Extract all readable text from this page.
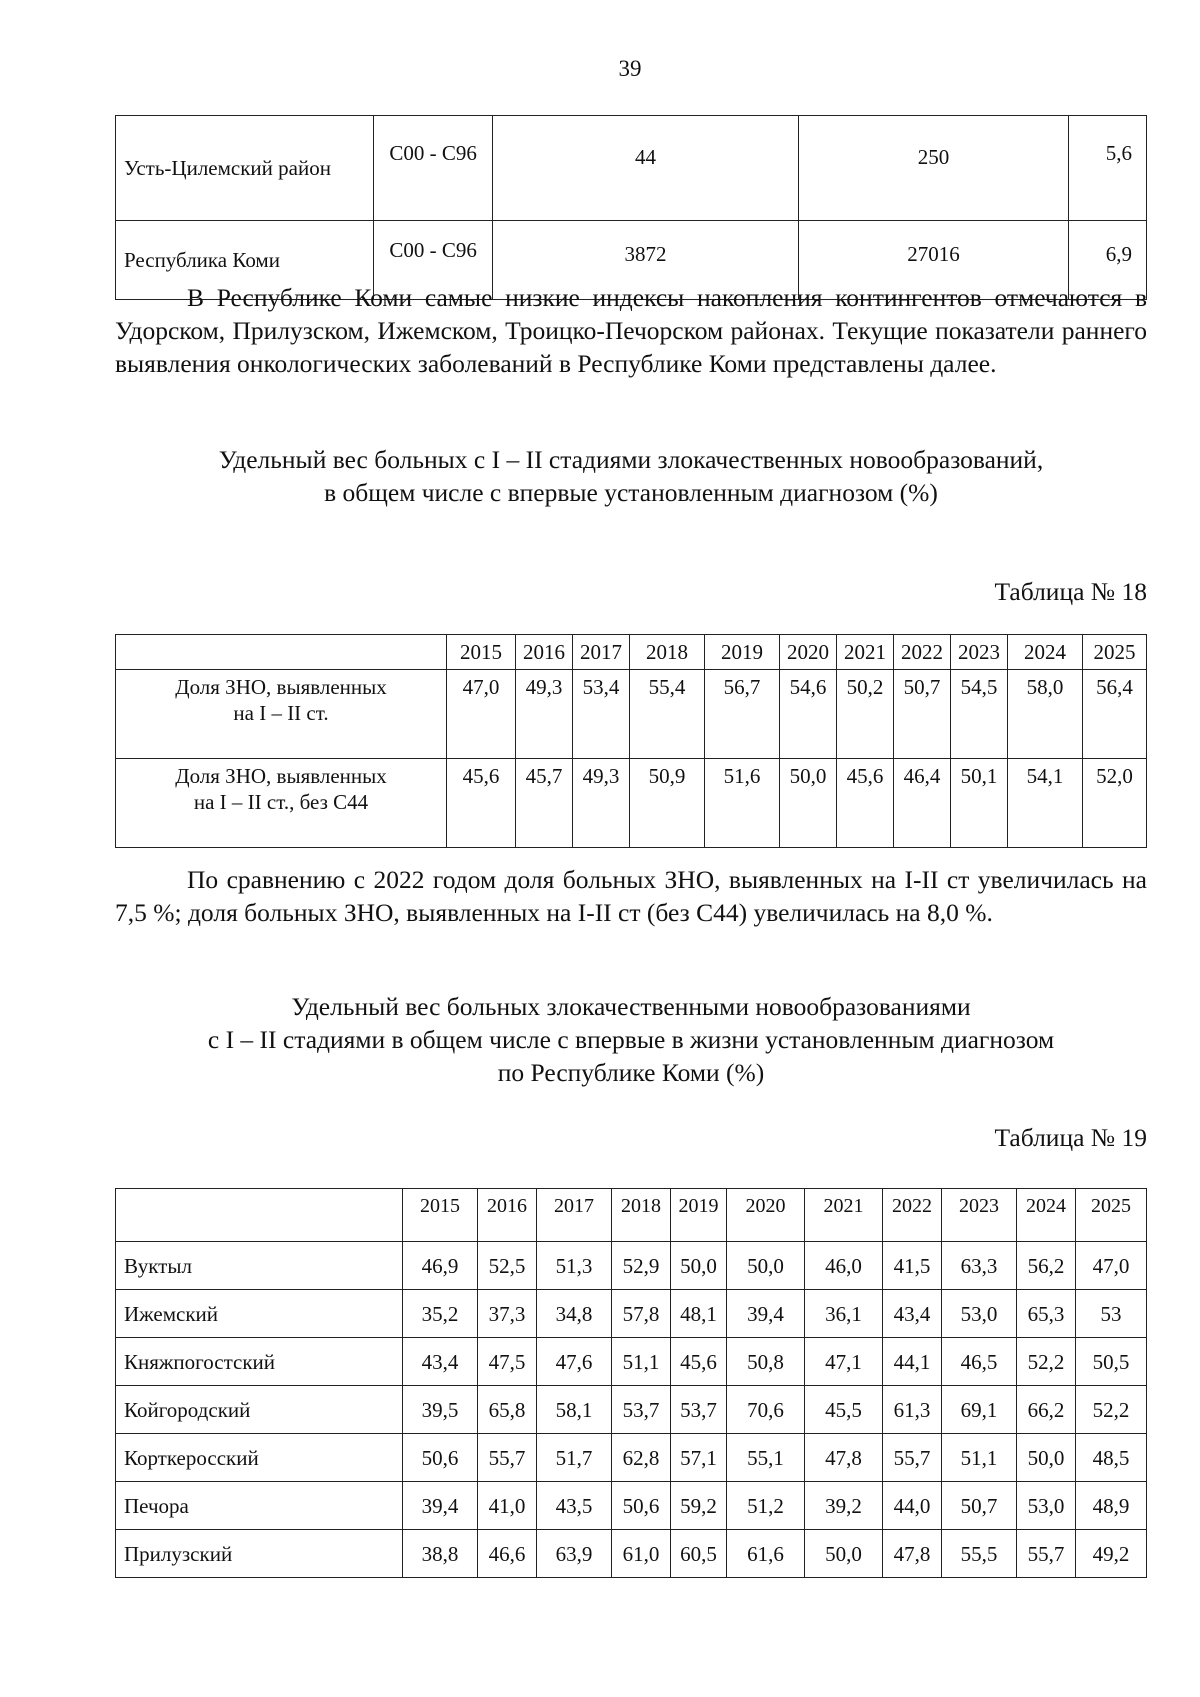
39
Усть-Цилемский район	С00 - С96	44	250	5,6
Республика Коми	С00 - С96	3872	27016	6,9
В Республике Коми самые низкие индексы накопления контингентов отмечаются в Удорском, Прилузском, Ижемском, Троицко-Печорском районах. Текущие показатели раннего выявления онкологических заболеваний в Республике Коми представлены далее.
Удельный вес больных с I – II стадиями злокачественных новообразований,
в общем числе с впервые установленным диагнозом (%)
Таблица № 18
	2015	2016	2017	2018	2019	2020	2021	2022	2023	2024	2025

Доля ЗНО, выявленных
на I – II ст.	47,0	49,3	53,4	55,4	56,7	54,6	50,2	50,7	54,5	58,0	56,4

Доля ЗНО, выявленных
на I – II ст., без С44	45,6	45,7	49,3	50,9	51,6	50,0	45,6	46,4	50,1	54,1	52,0
По сравнению с 2022 годом доля больных ЗНО, выявленных на I-II ст увеличилась на 7,5 %; доля больных ЗНО, выявленных на I-II ст (без С44) увеличилась на 8,0 %.
Удельный вес больных злокачественными новообразованиями
с I – II стадиями в общем числе с впервые в жизни установленным диагнозом
по Республике Коми (%)
Таблица № 19
	2015	2016	2017	2018	2019	2020	2021	2022	2023	2024	2025
Вуктыл	46,9	52,5	51,3	52,9	50,0	50,0	46,0	41,5	63,3	56,2	47,0
Ижемский	35,2	37,3	34,8	57,8	48,1	39,4	36,1	43,4	53,0	65,3	53
Княжпогостский	43,4	47,5	47,6	51,1	45,6	50,8	47,1	44,1	46,5	52,2	50,5
Койгородский	39,5	65,8	58,1	53,7	53,7	70,6	45,5	61,3	69,1	66,2	52,2
Корткеросский	50,6	55,7	51,7	62,8	57,1	55,1	47,8	55,7	51,1	50,0	48,5
Печора	39,4	41,0	43,5	50,6	59,2	51,2	39,2	44,0	50,7	53,0	48,9
Прилузский	38,8	46,6	63,9	61,0	60,5	61,6	50,0	47,8	55,5	55,7	49,2
